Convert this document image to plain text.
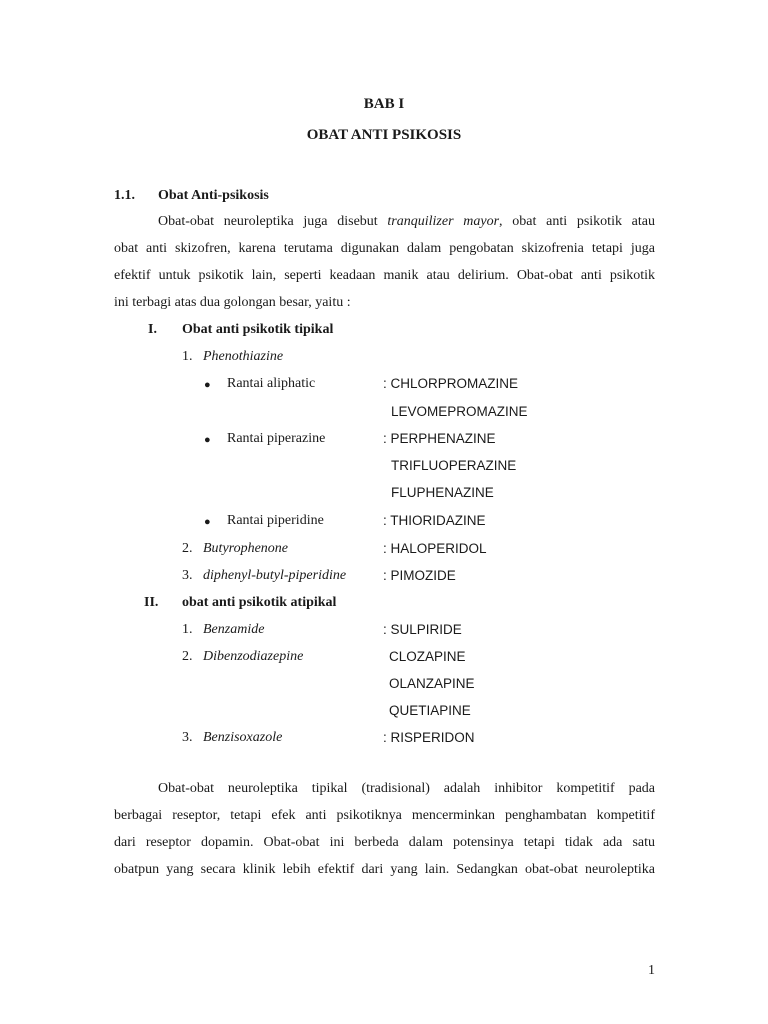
BAB I
OBAT ANTI PSIKOSIS
1.1. Obat Anti-psikosis
Obat-obat neuroleptika juga disebut tranquilizer mayor, obat anti psikotik atau
obat anti skizofren, karena terutama digunakan dalam pengobatan skizofrenia tetapi juga
efektif untuk psikotik lain, seperti keadaan manik atau delirium. Obat-obat anti psikotik
ini terbagi atas dua golongan besar, yaitu :
I. Obat anti psikotik tipikal
1. Phenothiazine
● Rantai aliphatic	: CHLORPROMAZINE
LEVOMEPROMAZINE
● Rantai piperazine	: PERPHENAZINE
TRIFLUOPERAZINE
FLUPHENAZINE
● Rantai piperidine	: THIORIDAZINE
2. Butyrophenone	: HALOPERIDOL
3. diphenyl-butyl-piperidine	: PIMOZIDE
II. obat anti psikotik atipikal
1. Benzamide	: SULPIRIDE
2. Dibenzodiazepine	CLOZAPINE
OLANZAPINE
QUETIAPINE
3. Benzisoxazole	: RISPERIDON
Obat-obat neuroleptika tipikal (tradisional) adalah inhibitor kompetitif pada
berbagai reseptor, tetapi efek anti psikotiknya mencerminkan penghambatan kompetitif
dari reseptor dopamin. Obat-obat ini berbeda dalam potensinya tetapi tidak ada satu
obatpun yang secara klinik lebih efektif dari yang lain. Sedangkan obat-obat neuroleptika
1
